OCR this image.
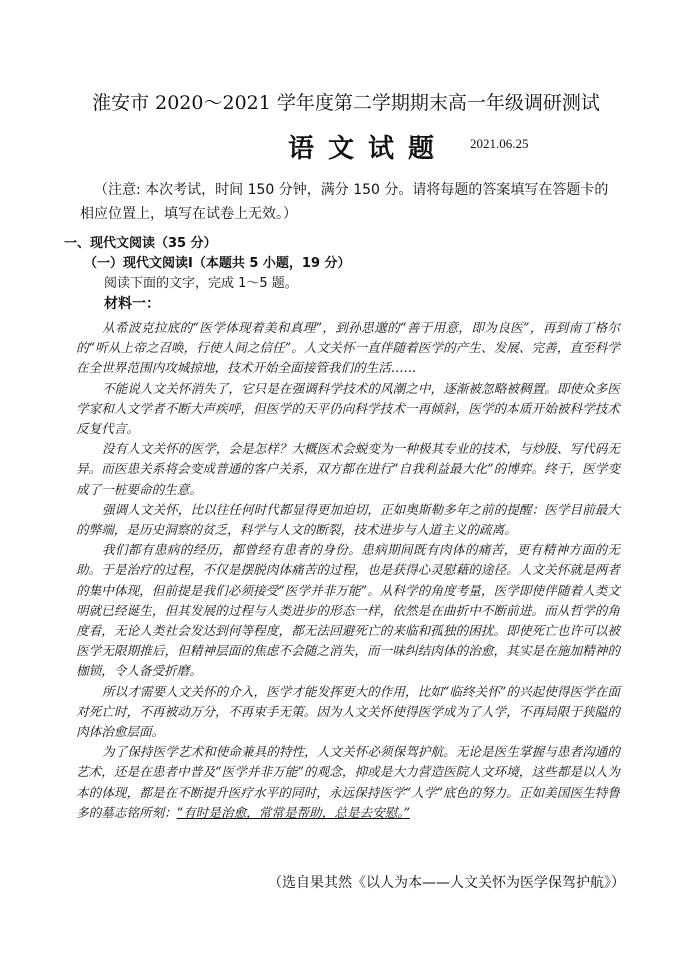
淮安市 2020～2021 学年度第二学期期末高一年级调研测试
语文试题 2021.06.25
（注意: 本次考试，时间 150 分钟，满分 150 分。请将每题的答案填写在答题卡的相应位置上，填写在试卷上无效。）
一、现代文阅读（35 分）
（一）现代文阅读Ⅰ（本题共 5 小题，19 分）
阅读下面的文字，完成 1～5 题。
材料一：

从希波克拉底的“医学体现着美和真理”，到孙思邈的“善于用意，即为良医”，再到南丁格尔的“听从上帝之召唤，行使人间之信任”。人文关怀一直伴随着医学的产生、发展、完善，直至科学在全世界范围内攻城掠地，技术开始全面接管我们的生活……

不能说人文关怀消失了，它只是在强调科学技术的风潮之中，逐渐被忽略被稠置。即使众多医学家和人文学者不断大声疾呼，但医学的天平仍向科学技术一再倾斜，医学的本质开始被科学技术反复代言。

没有人文关怀的医学，会是怎样？大概医术会蜕变为一种极其专业的技术，与炒股、写代码无异。而医患关系将会变成普通的客户关系，双方都在进行“自我利益最大化”的博弈。终于，医学变成了一桩要命的生意。

强调人文关怀，比以往任何时代都显得更加迫切，正如奥斯勒多年之前的提醒：医学目前最大的弊端，是历史洞察的贫乏，科学与人文的断裂，技术进步与人道主义的疏离。

我们都有患病的经历，都曾经有患者的身份。患病期间既有肉体的痛苦，更有精神方面的无助。于是治疗的过程，不仅是摆脱肉体痛苦的过程，也是获得心灵慰藉的途径。人文关怀就是两者的集中体现，但前提是我们必须接受“医学并非万能”。从科学的角度考量，医学即使伴随着人类文明就已经诞生，但其发展的过程与人类进步的形态一样，依然是在曲折中不断前进。而从哲学的角度看，无论人类社会发达到何等程度，都无法回避死亡的来临和孤独的困扰。即使死亡也许可以被医学无限期推后，但精神层面的焦虑不会随之消失，而一味纠结肉体的治愈，其实是在施加精神的枷锁，令人备受折磨。

所以才需要人文关怀的介入，医学才能发挥更大的作用，比如“临终关怀”的兴起使得医学在面对死亡时，不再被动万分，不再束手无策。因为人文关怀使得医学成为了人学，不再局限于狭隘的肉体治愈层面。

为了保持医学艺术和使命兼具的特性，人文关怀必须保驾护航。无论是医生掌握与患者沟通的艺术，还是在患者中普及“医学并非万能”的观念，抑或是大力营造医院人文环境，这些都是以人为本的体现，都是在不断提升医疗水平的同时，永远保持医学“人学”底色的努力。正如美国医生特鲁多的墓志铭所刻：“有时是治愈，常常是帮助，总是去安慰。”

（选自果其然《以人为本——人文关怀为医学保驾护航》）
